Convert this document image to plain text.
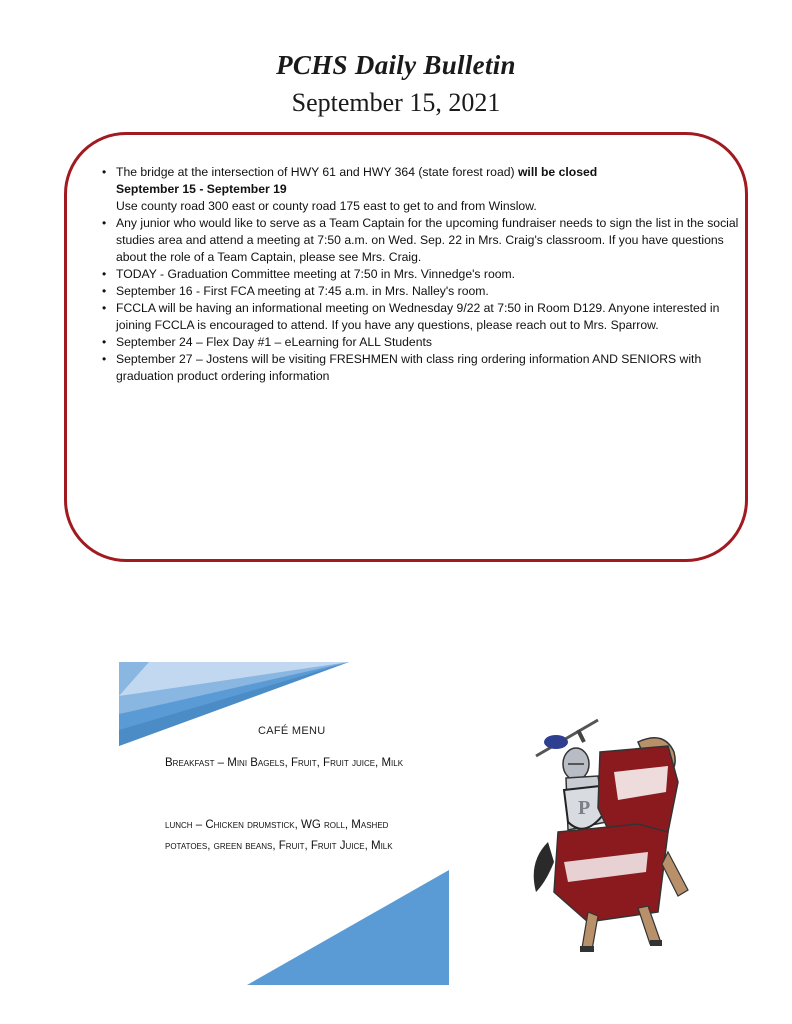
PCHS Daily Bulletin
September 15, 2021
• The bridge at the intersection of HWY 61 and HWY 364 (state forest road) will be closed
September 15 - September 19
Use county road 300 east or county road 175 east to get to and from Winslow.
• Any junior who would like to serve as a Team Captain for the upcoming fundraiser needs to sign the list in the social studies area and attend a meeting at 7:50 a.m. on Wed. Sep. 22 in Mrs. Craig's classroom. If you have questions about the role of a Team Captain, please see Mrs. Craig.
• TODAY - Graduation Committee meeting at 7:50 in Mrs. Vinnedge's room.
• September 16 - First FCA meeting at 7:45 a.m. in Mrs. Nalley's room.
• FCCLA will be having an informational meeting on Wednesday 9/22 at 7:50 in Room D129. Anyone interested in joining FCCLA is encouraged to attend. If you have any questions, please reach out to Mrs. Sparrow.
• September 24 – Flex Day #1 – eLearning for ALL Students
• September 27 – Jostens will be visiting FRESHMEN with class ring ordering information AND SENIORS with graduation product ordering information
CAFÉ MENU
Breakfast – Mini Bagels, Fruit, Fruit juice, Milk
lunch – Chicken drumstick, WG roll, Mashed potatoes, green beans, Fruit, Fruit Juice, Milk
P
